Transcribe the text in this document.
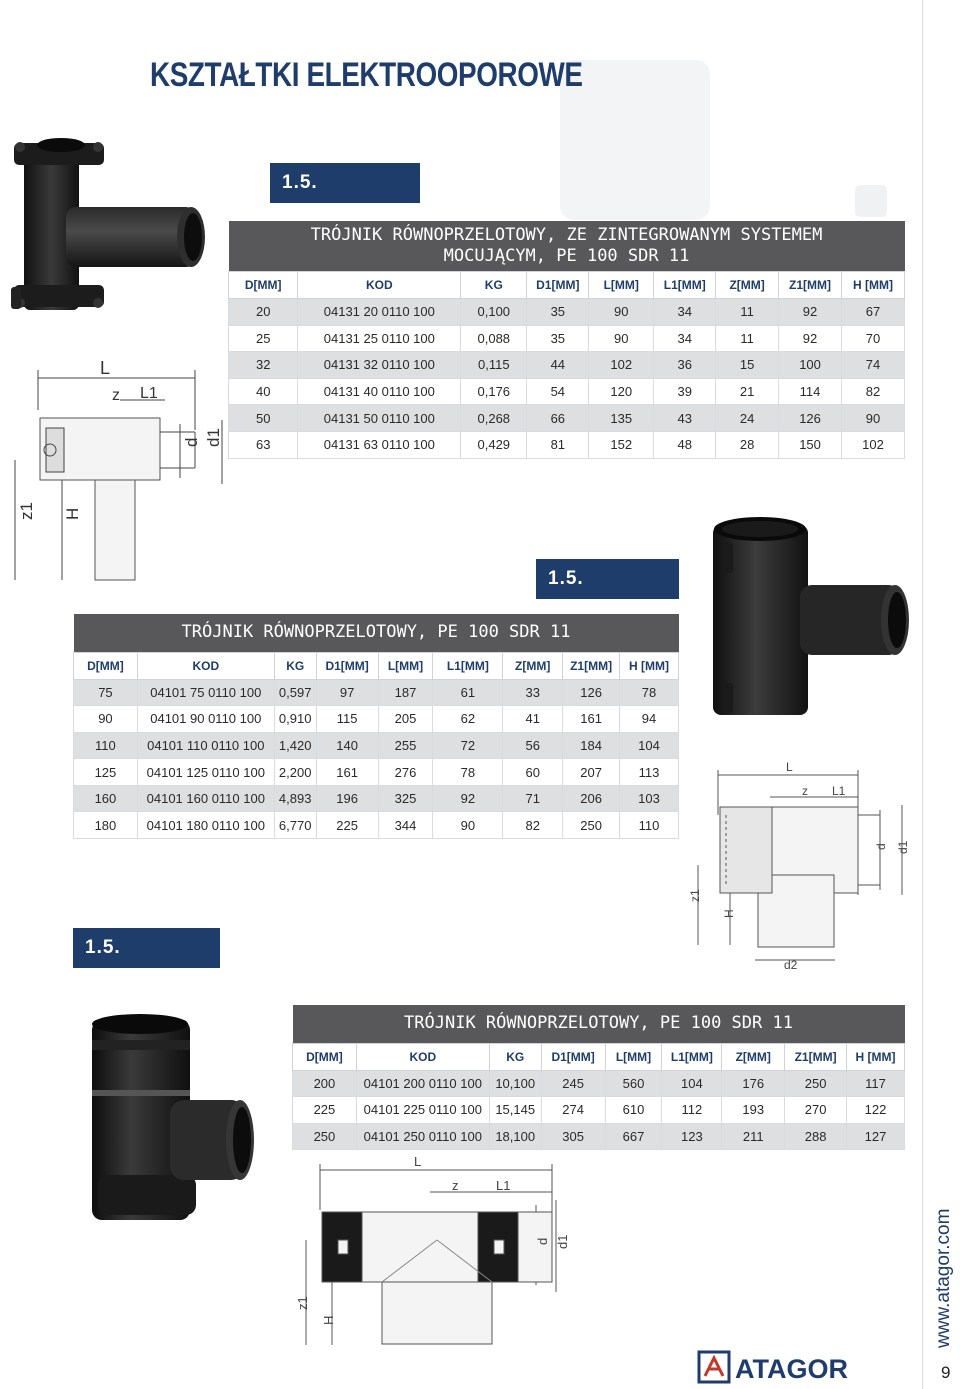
KSZTAŁTKI ELEKTROOPOROWE
1.5.
L
z L1
d d1
z1 H
TRÓJNIK RÓWNOPRZELOTOWY, ZE ZINTEGROWANYM SYSTEMEM
MOCUJĄCYM, PE 100 SDR 11								

D[MM]	KOD	KG	D1[MM]	L[MM]	L1[MM]	Z[MM]	Z1[MM]	H [MM]
20	04131 20 0110 100	0,100	35	90	34	11	92	67
25	04131 25 0110 100	0,088	35	90	34	11	92	70
32	04131 32 0110 100	0,115	44	102	36	15	100	74
40	04131 40 0110 100	0,176	54	120	39	21	114	82
50	04131 50 0110 100	0,268	66	135	43	24	126	90
63	04131 63 0110 100	0,429	81	152	48	28	150	102
1.5.
TRÓJNIK RÓWNOPRZELOTOWY, PE 100 SDR 11								

D[MM]	KOD	KG	D1[MM]	L[MM]	L1[MM]	Z[MM]	Z1[MM]	H [MM]
75	04101 75 0110 100	0,597	97	187	61	33	126	78
90	04101 90 0110 100	0,910	115	205	62	41	161	94
110	04101 110 0110 100	1,420	140	255	72	56	184	104
125	04101 125 0110 100	2,200	161	276	78	60	207	113
160	04101 160 0110 100	4,893	196	325	92	71	206	103
180	04101 180 0110 100	6,770	225	344	90	82	250	110
L
z L1
d d1
z1
H
d2
1.5.
TRÓJNIK RÓWNOPRZELOTOWY, PE 100 SDR 11								

D[MM]	KOD	KG	D1[MM]	L[MM]	L1[MM]	Z[MM]	Z1[MM]	H [MM]
200	04101 200 0110 100	10,100	245	560	104	176	250	117
225	04101 225 0110 100	15,145	274	610	112	193	270	122
250	04101 250 0110 100	18,100	305	667	123	211	288	127
L
z	L1
d d1
z1
H	www.atagor.com
ATAGOR	9
